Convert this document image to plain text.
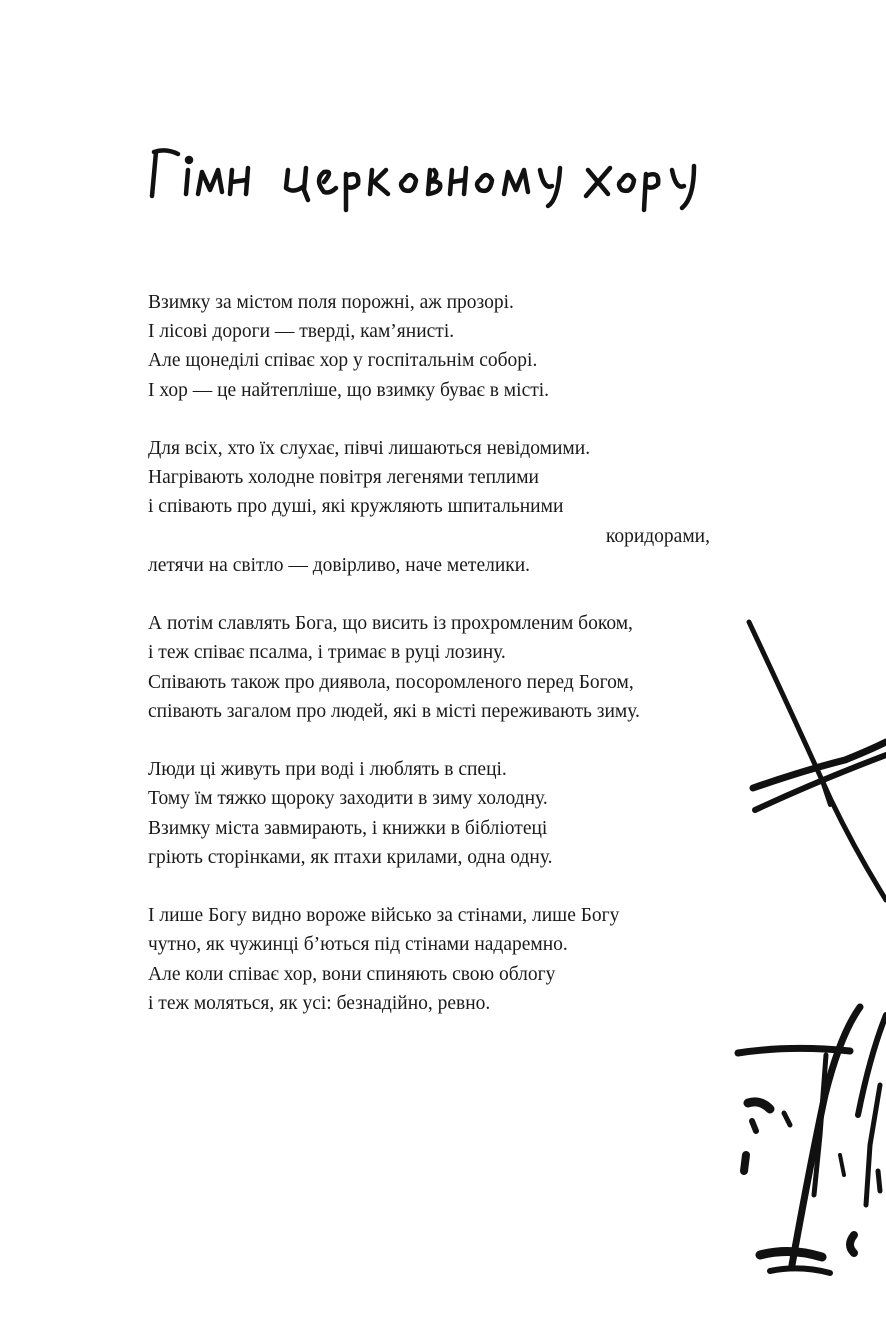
Взимку за містом поля порожні, аж прозорі.
І лісові дороги — тверді, кам’янисті.
Але щонеділі співає хор у госпітальнім соборі.
І хор — це найтепліше, що взимку буває в місті.
Для всіх, хто їх слухає, півчі лишаються невідомими.
Нагрівають холодне повітря легенями теплими
і співають про душі, які кружляють шпитальними
коридорами,
летячи на світло — довірливо, наче метелики.
А потім славлять Бога, що висить із прохромленим боком,
і теж співає псалма, і тримає в руці лозину.
Співають також про диявола, посоромленого перед Богом,
співають загалом про людей, які в місті переживають зиму.
Люди ці живуть при воді і люблять в спеці.
Тому їм тяжко щороку заходити в зиму холодну.
Взимку міста завмирають, і книжки в бібліотеці
гріють сторінками, як птахи крилами, одна одну.
І лише Богу видно вороже військо за стінами, лише Богу
чутно, як чужинці б’ються під стінами надаремно.
Але коли співає хор, вони спиняють свою облогу
і теж моляться, як усі: безнадійно, ревно.
